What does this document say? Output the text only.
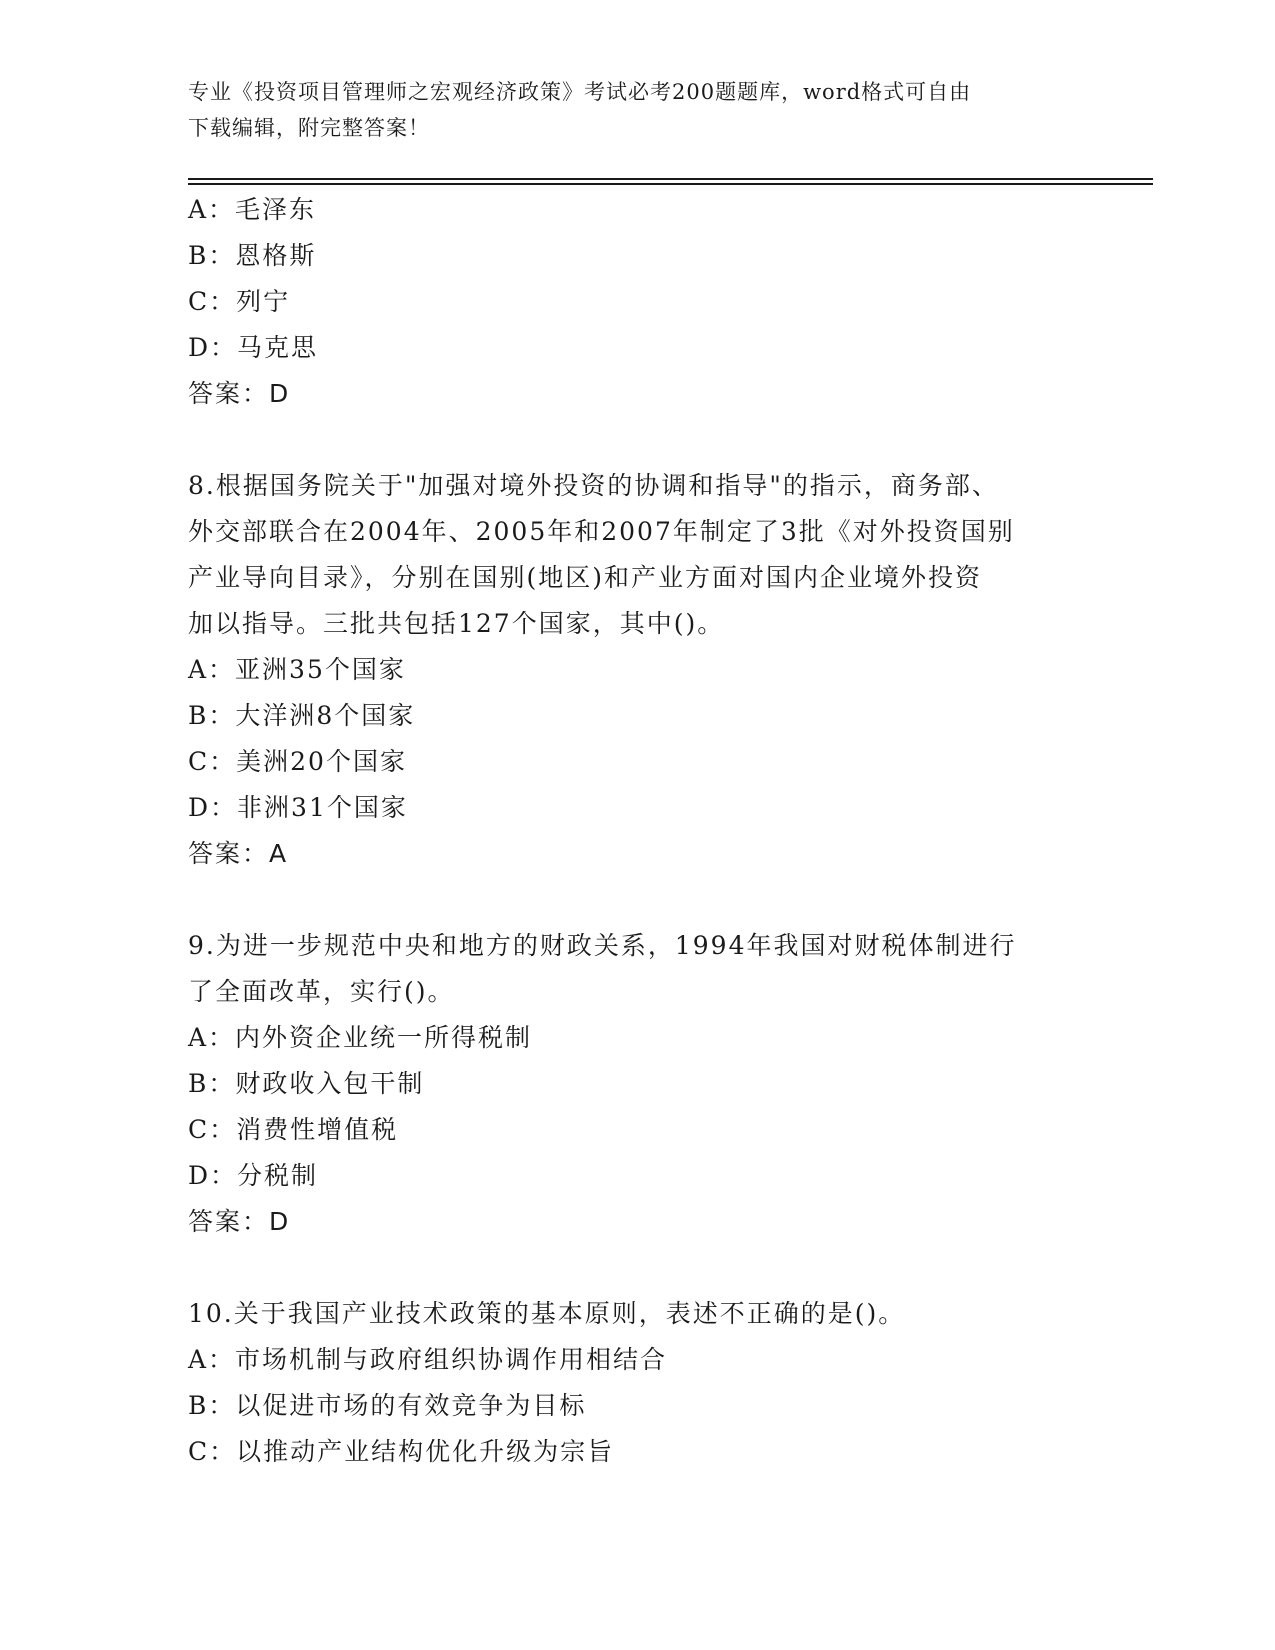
专业《投资项目管理师之宏观经济政策》考试必考200题题库，word格式可自由
下载编辑，附完整答案！
A：毛泽东
B：恩格斯
C：列宁
D：马克思
答案：D
8.根据国务院关于"加强对境外投资的协调和指导"的指示，商务部、
外交部联合在2004年、2005年和2007年制定了3批《对外投资国别
产业导向目录》，分别在国别(地区)和产业方面对国内企业境外投资
加以指导。三批共包括127个国家，其中()。
A：亚洲35个国家
B：大洋洲8个国家
C：美洲20个国家
D：非洲31个国家
答案：A
9.为进一步规范中央和地方的财政关系，1994年我国对财税体制进行
了全面改革，实行()。
A：内外资企业统一所得税制
B：财政收入包干制
C：消费性增值税
D：分税制
答案：D
10.关于我国产业技术政策的基本原则，表述不正确的是()。
A：市场机制与政府组织协调作用相结合
B：以促进市场的有效竞争为目标
C：以推动产业结构优化升级为宗旨
